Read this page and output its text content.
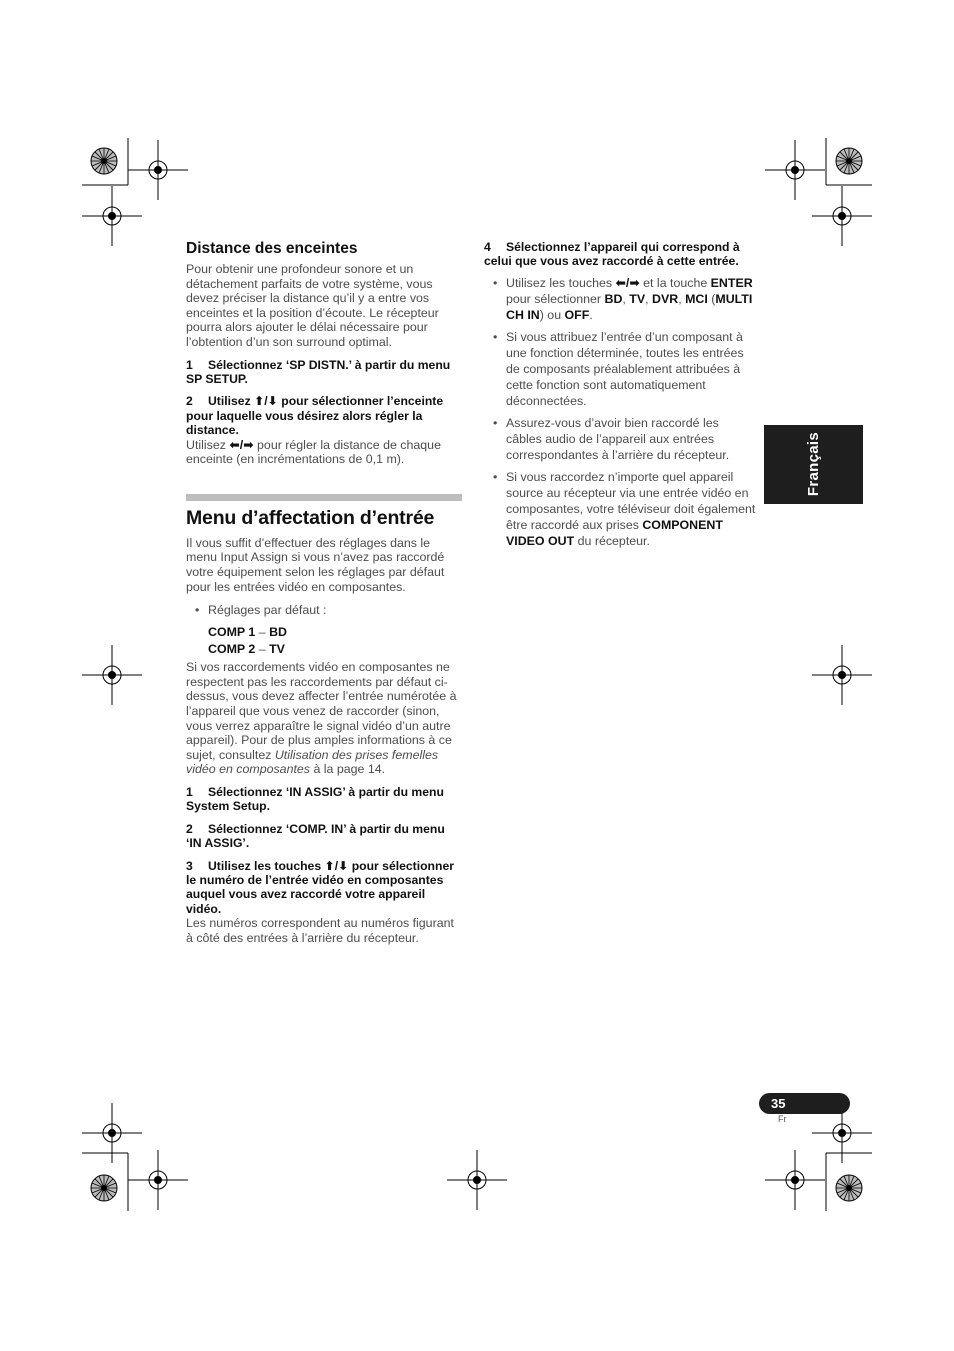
Distance des enceintes

Pour obtenir une profondeur sonore et un détachement parfaits de votre système, vous devez préciser la distance qu’il y a entre vos enceintes et la position d’écoute. Le récepteur pourra alors ajouter le délai nécessaire pour l’obtention d’un son surround optimal.

1 Sélectionnez ‘SP DISTN.’ à partir du menu SP SETUP.

2 Utilisez ⬆/⬇ pour sélectionner l’enceinte pour laquelle vous désirez alors régler la distance.

Utilisez ⬅/➡ pour régler la distance de chaque enceinte (en incrémentations de 0,1 m).

Menu d’affectation d’entrée

Il vous suffit d’effectuer des réglages dans le menu Input Assign si vous n’avez pas raccordé votre équipement selon les réglages par défaut pour les entrées vidéo en composantes.

• Réglages par défaut :
COMP 1 – BD
COMP 2 – TV

Si vos raccordements vidéo en composantes ne respectent pas les raccordements par défaut ci-dessus, vous devez affecter l’entrée numérotée à l’appareil que vous venez de raccorder (sinon, vous verrez apparaître le signal vidéo d’un autre appareil). Pour de plus amples informations à ce sujet, consultez Utilisation des prises femelles vidéo en composantes à la page 14.

1 Sélectionnez ‘IN ASSIG’ à partir du menu System Setup.

2 Sélectionnez ‘COMP. IN’ à partir du menu ‘IN ASSIG’.

3 Utilisez les touches ⬆/⬇ pour sélectionner le numéro de l’entrée vidéo en composantes auquel vous avez raccordé votre appareil vidéo.

Les numéros correspondent au numéros figurant à côté des entrées à l’arrière du récepteur.

4 Sélectionnez l’appareil qui correspond à celui que vous avez raccordé à cette entrée.

• Utilisez les touches ⬅/➡ et la touche ENTER pour sélectionner BD, TV, DVR, MCI (MULTI CH IN) ou OFF.
• Si vous attribuez l’entrée d’un composant à une fonction déterminée, toutes les entrées de composants préalablement attribuées à cette fonction sont automatiquement déconnectées.
• Assurez-vous d’avoir bien raccordé les câbles audio de l’appareil aux entrées correspondantes à l’arrière du récepteur.
• Si vous raccordez n’importe quel appareil source au récepteur via une entrée vidéo en composantes, votre téléviseur doit également être raccordé aux prises COMPONENT VIDEO OUT du récepteur.
Français
35
Fr
